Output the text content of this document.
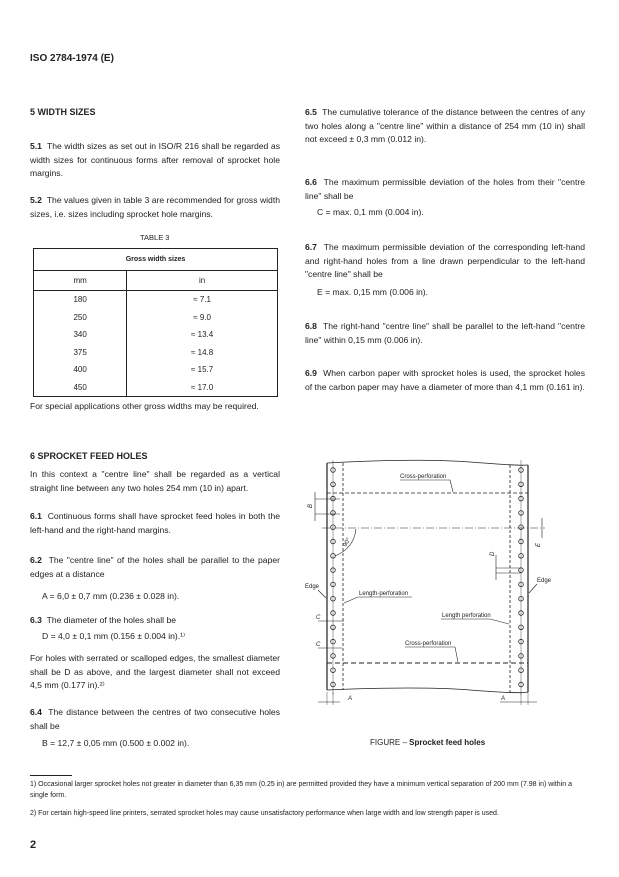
ISO 2784-1974 (E)
5 WIDTH SIZES
5.1 The width sizes as set out in ISO/R 216 shall be regarded as width sizes for continuous forms after removal of sprocket hole margins.
5.2 The values given in table 3 are recommended for gross width sizes, i.e. sizes including sprocket hole margins.
TABLE 3
Gross width sizes	
mm	in
180	≈ 7.1
250	≈ 9.0
340	≈ 13.4
375	≈ 14.8
400	≈ 15.7
450	≈ 17.0
For special applications other gross widths may be required.
6 SPROCKET FEED HOLES
In this context a "centre line" shall be regarded as a vertical straight line between any two holes 254 mm (10 in) apart.
6.1 Continuous forms shall have sprocket feed holes in both the left-hand and the right-hand margins.
6.2 The "centre line" of the holes shall be parallel to the paper edges at a distance
A = 6,0 ± 0,7 mm (0.236 ± 0.028 in).
6.3 The diameter of the holes shall be
D = 4,0 ± 0,1 mm (0.156 ± 0.004 in).¹⁾
For holes with serrated or scalloped edges, the smallest diameter shall be D as above, and the largest diameter shall not exceed 4,5 mm (0.177 in).²⁾
6.4 The distance between the centres of two consecutive holes shall be
B = 12,7 ± 0,05 mm (0.500 ± 0.002 in).
6.5 The cumulative tolerance of the distance between the centres of any two holes along a "centre line" within a distance of 254 mm (10 in) shall not exceed ± 0,3 mm (0.012 in).
6.6 The maximum permissible deviation of the holes from their "centre line" shall be
C = max. 0,1 mm (0.004 in).
6.7 The maximum permissible deviation of the corresponding left-hand and right-hand holes from a line drawn perpendicular to the left-hand "centre line" shall be
E = max. 0,15 mm (0.006 in).
6.8 The right-hand "centre line" shall be parallel to the left-hand "centre line" within 0,15 mm (0.006 in).
6.9 When carbon paper with sprocket holes is used, the sprocket holes of the carbon paper may have a diameter of more than 4,1 mm (0.161 in).
Cross-perforation
Length-perforation
Length perforation
Cross-perforation
Edge
Edge
C
C
A	A
B
D
E
90°
FIGURE – Sprocket feed holes
1) Occasional larger sprocket holes not greater in diameter than 6,35 mm (0.25 in) are permitted provided they have a minimum vertical separation of 200 mm (7.98 in) within a single form.
2) For certain high-speed line printers, serrated sprocket holes may cause unsatisfactory performance when large width and low strength paper is used.
2
